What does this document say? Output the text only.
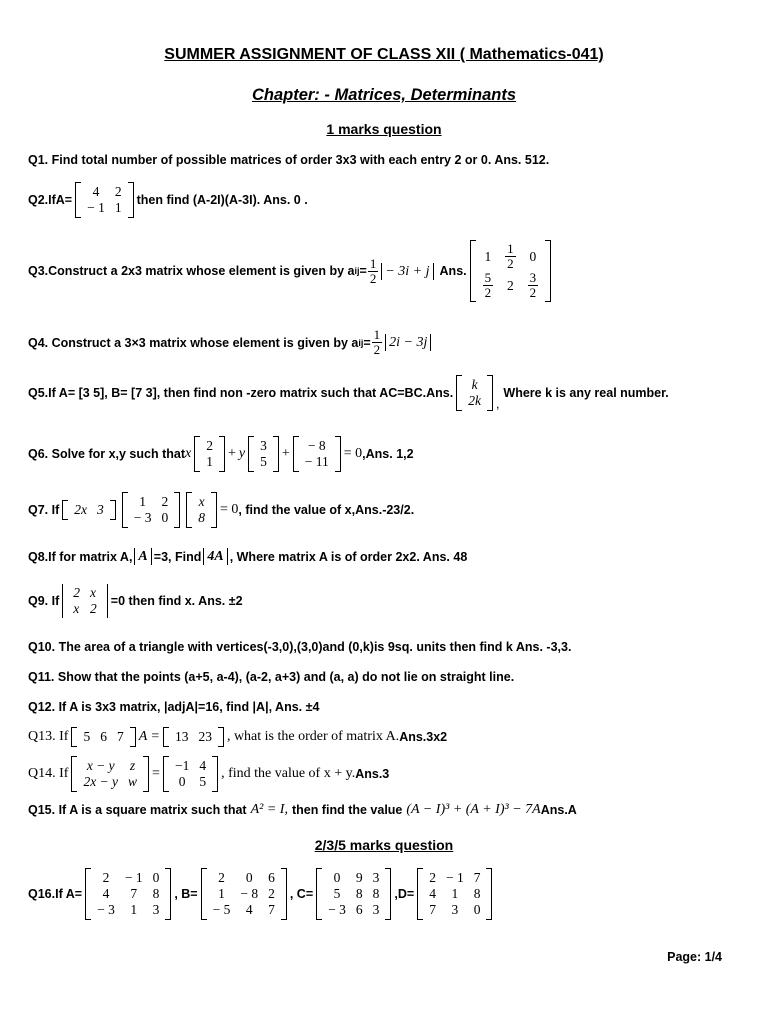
SUMMER ASSIGNMENT OF CLASS XII ( Mathematics-041)
Chapter: - Matrices, Determinants
1 marks question
Q1. Find total number of possible matrices of order 3x3 with each entry 2 or 0. Ans. 512.
Q2.IfA=
4	2
− 1	1 then find (A-2I)(A-3I). Ans. 0 .
Q3.Construct a 2x3 matrix whose element is given by a ij = $\frac{1}{2} - 3i + j$ Ans.
1	$\frac{1}{2}$	0

$\frac{5}{2}$	2	$\frac{3}{2}$
Q4. Construct a 3×3 matrix whose element is given by a ij = $\frac{1}{2} 2i - 3j$
Q5.If A= [3 5], B= [7 3], then find non -zero matrix such that AC=BC. Ans.
k
2k ,
Where k is any real number.
Q6. Solve for x,y such that x
2
1
+ y
3
5
+
− 8
− 11
= 0 ,Ans. 1,2
Q7. If 2x	3
1	2
− 3	0
x
8
= 0 , find the value of x, Ans.-23/2.
Q8.If for matrix A, A =3, Find 4A , Where matrix A is of order 2x2. Ans. 48
Q9. If
2	x
x	2 =0 then find x. Ans. ±2
Q10. The area of a triangle with vertices(-3,0),(3,0)and (0,k)is 9sq. units then find k Ans. -3,3.
Q11. Show that the points (a+5, a-4), (a-2, a+3) and (a, a) do not lie on straight line.
Q12. If A is 3x3 matrix, |adjA|=16, find |A|, Ans. ±4
Q13. If 5	6	7 A = 13	23 , what is the order of matrix A. Ans.3x2
Q14. If
x − y	z
2x − y	w
=
−1	4
0	5
, find the value of x + y. Ans.3
Q15. If A is a square matrix such that A² = I, then find the value (A − I)³ + (A + I)³ − 7A Ans.A
2/3/5 marks question
Q16.If A=
2	− 1	0
4	7	8
− 3	1	3
, B=
2	0	6
1	− 8	2
− 5	4	7
, C=
0	9	3
5	8	8
− 3	6	3
,D=
2	− 1	7
4	1	8
7	3	0
Page: 1/4
